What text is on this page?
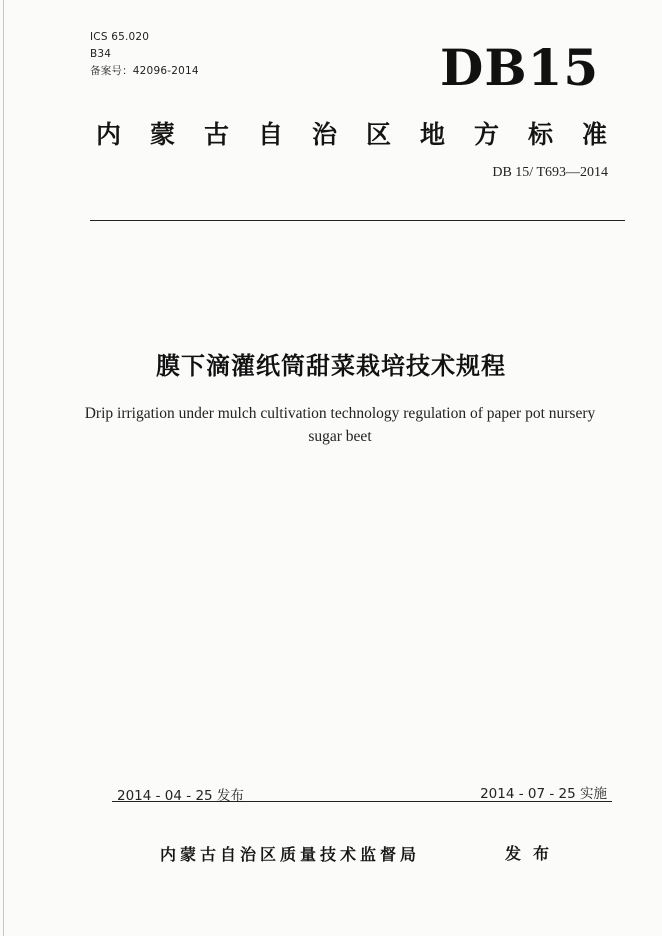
ICS 65.020
B34
备案号：42096-2014	DB15
内蒙古自治区地方标准
DB 15/ T693—2014
膜下滴灌纸筒甜菜栽培技术规程
Drip irrigation under mulch cultivation technology regulation of paper pot nursery
sugar beet
2014 - 04 - 25 发布	2014 - 07 - 25 实施
内蒙古自治区质量技术监督局	发布
